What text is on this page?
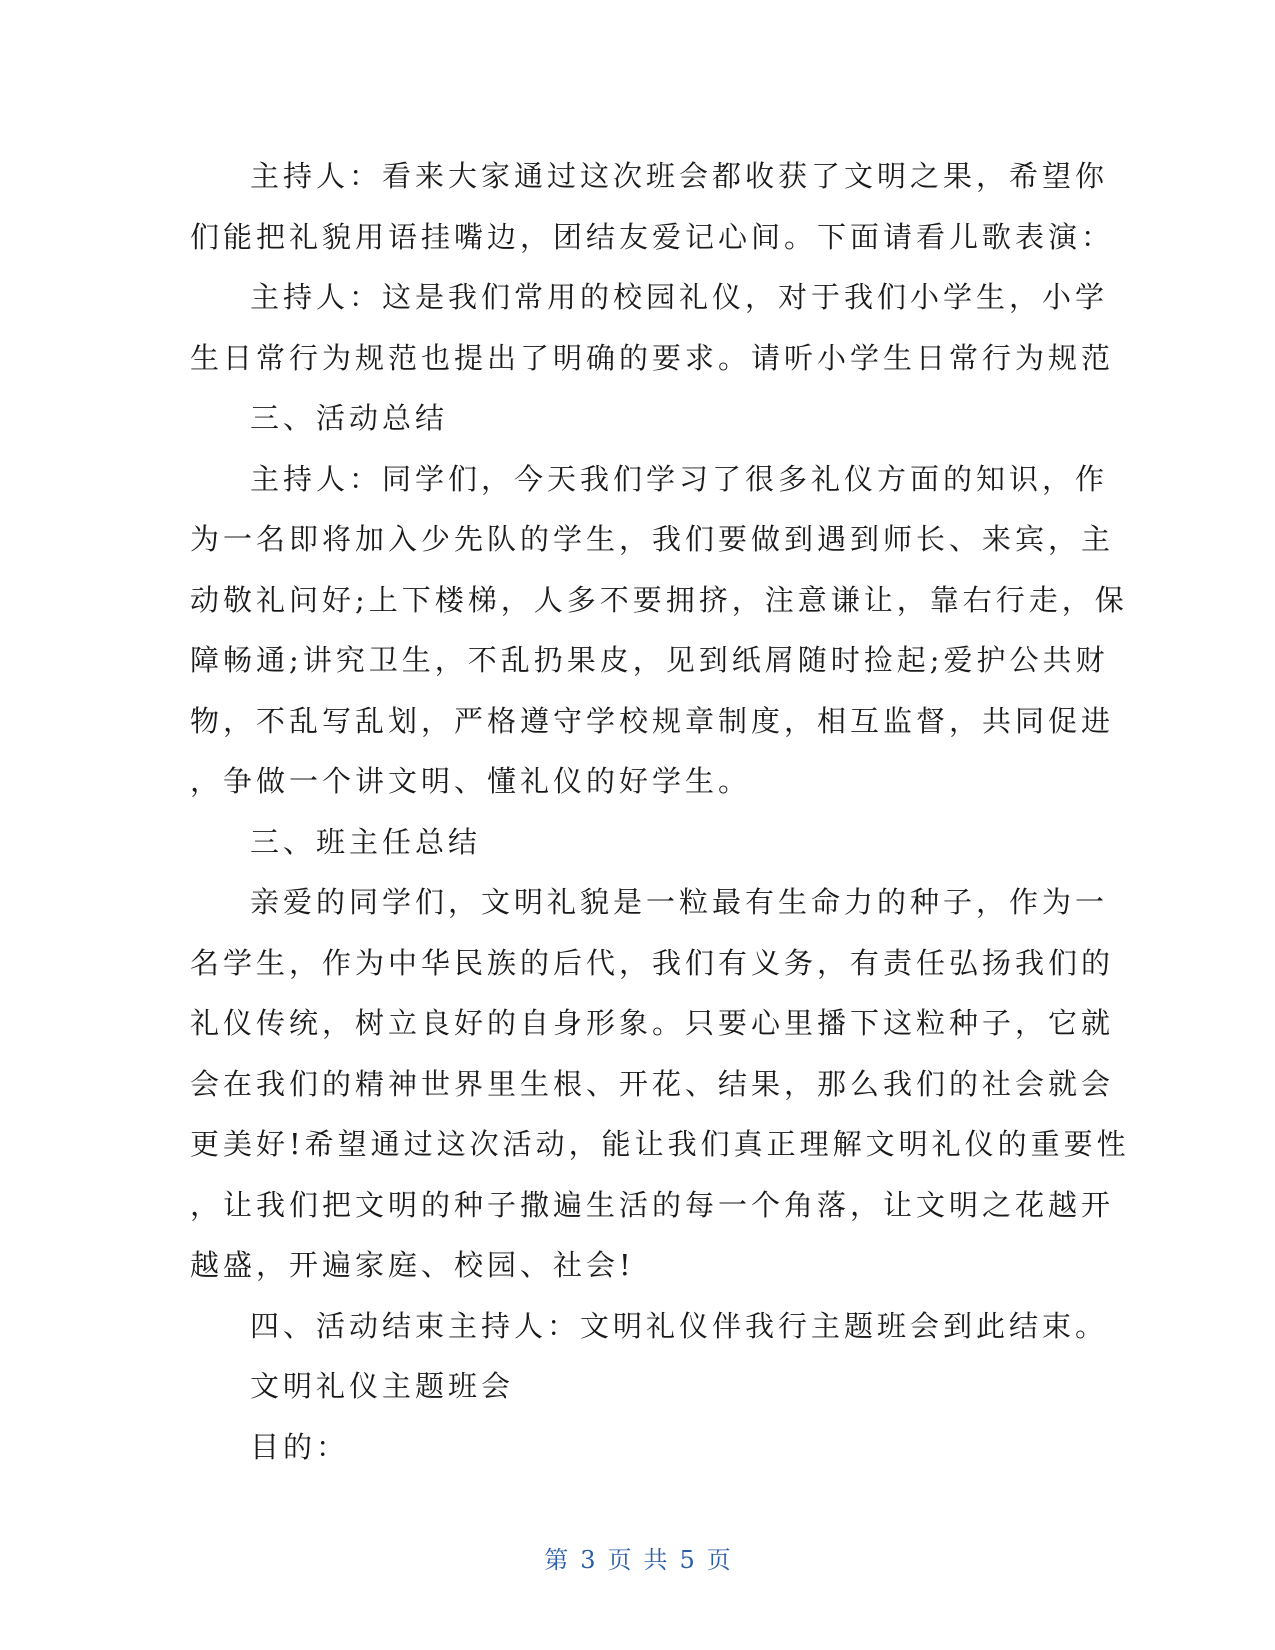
主持人：看来大家通过这次班会都收获了文明之果，希望你
们能把礼貌用语挂嘴边，团结友爱记心间。下面请看儿歌表演：
主持人：这是我们常用的校园礼仪，对于我们小学生，小学
生日常行为规范也提出了明确的要求。请听小学生日常行为规范
三、活动总结
主持人：同学们，今天我们学习了很多礼仪方面的知识，作
为一名即将加入少先队的学生，我们要做到遇到师长、来宾，主
动敬礼问好;上下楼梯，人多不要拥挤，注意谦让，靠右行走，保
障畅通;讲究卫生，不乱扔果皮，见到纸屑随时捡起;爱护公共财
物，不乱写乱划，严格遵守学校规章制度，相互监督，共同促进
，争做一个讲文明、懂礼仪的好学生。
三、班主任总结
亲爱的同学们，文明礼貌是一粒最有生命力的种子，作为一
名学生，作为中华民族的后代，我们有义务，有责任弘扬我们的
礼仪传统，树立良好的自身形象。只要心里播下这粒种子，它就
会在我们的精神世界里生根、开花、结果，那么我们的社会就会
更美好!希望通过这次活动，能让我们真正理解文明礼仪的重要性
，让我们把文明的种子撒遍生活的每一个角落，让文明之花越开
越盛，开遍家庭、校园、社会!
四、活动结束主持人：文明礼仪伴我行主题班会到此结束。
文明礼仪主题班会
目的：
第 3 页 共 5 页
